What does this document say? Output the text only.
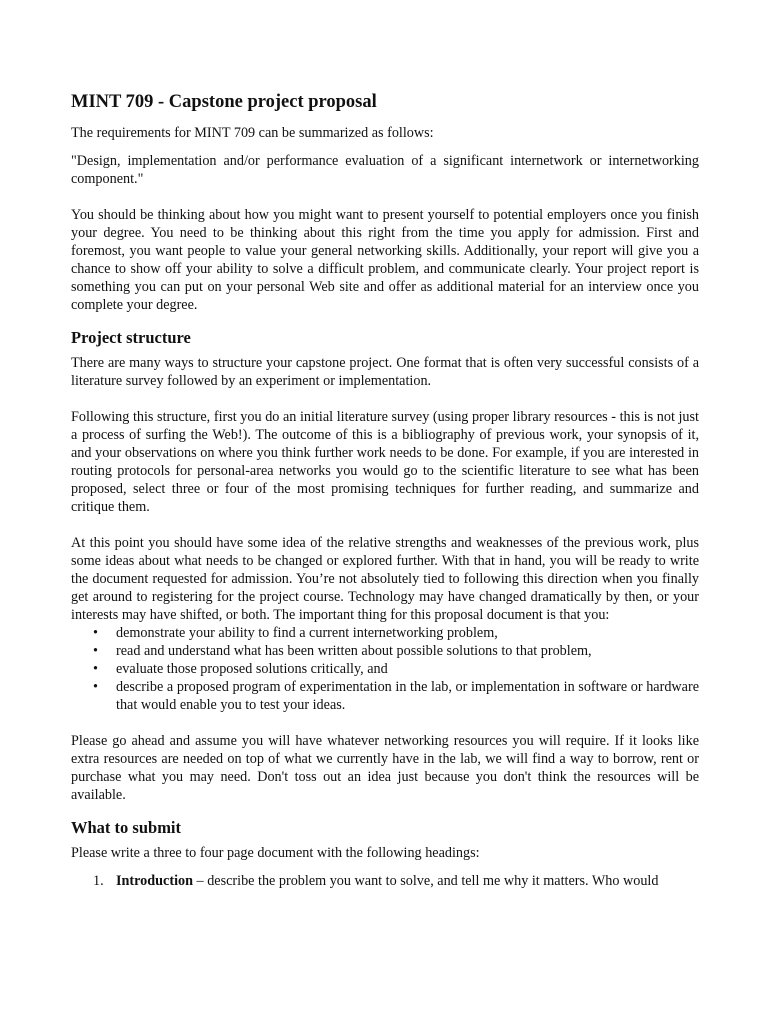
MINT 709 - Capstone project proposal

The requirements for MINT 709 can be summarized as follows:

"Design, implementation and/or performance evaluation of a significant internetwork or internetworking component."

You should be thinking about how you might want to present yourself to potential employers once you finish your degree. You need to be thinking about this right from the time you apply for admission. First and foremost, you want people to value your general networking skills. Additionally, your report will give you a chance to show off your ability to solve a difficult problem, and communicate clearly. Your project report is something you can put on your personal Web site and offer as additional material for an interview once you complete your degree.

Project structure

There are many ways to structure your capstone project. One format that is often very successful consists of a literature survey followed by an experiment or implementation.

Following this structure, first you do an initial literature survey (using proper library resources - this is not just a process of surfing the Web!). The outcome of this is a bibliography of previous work, your synopsis of it, and your observations on where you think further work needs to be done. For example, if you are interested in routing protocols for personal-area networks you would go to the scientific literature to see what has been proposed, select three or four of the most promising techniques for further reading, and summarize and critique them.

At this point you should have some idea of the relative strengths and weaknesses of the previous work, plus some ideas about what needs to be changed or explored further. With that in hand, you will be ready to write the document requested for admission. You’re not absolutely tied to following this direction when you finally get around to registering for the project course. Technology may have changed dramatically by then, or your interests may have shifted, or both. The important thing for this proposal document is that you:

• demonstrate your ability to find a current internetworking problem,
• read and understand what has been written about possible solutions to that problem,
• evaluate those proposed solutions critically, and
• describe a proposed program of experimentation in the lab, or implementation in software or hardware that would enable you to test your ideas.

Please go ahead and assume you will have whatever networking resources you will require. If it looks like extra resources are needed on top of what we currently have in the lab, we will find a way to borrow, rent or purchase what you may need. Don't toss out an idea just because you don't think the resources will be available.

What to submit

Please write a three to four page document with the following headings:

1. Introduction – describe the problem you want to solve, and tell me why it matters. Who would
